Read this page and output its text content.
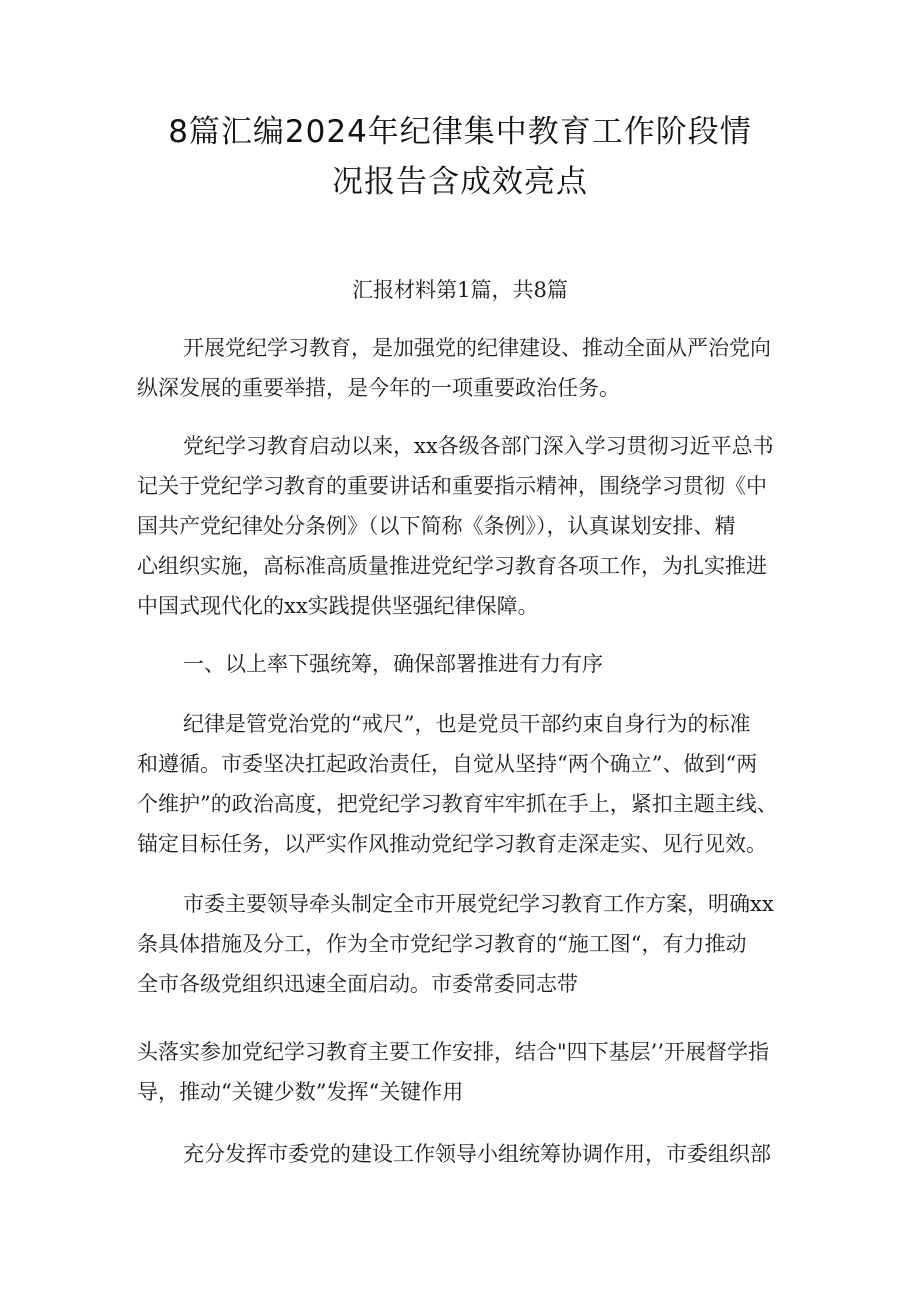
8篇汇编2024年纪律集中教育工作阶段情
况报告含成效亮点
汇报材料第1篇，共8篇
开展党纪学习教育，是加强党的纪律建设、推动全面从严治党向
纵深发展的重要举措，是今年的一项重要政治任务。
党纪学习教育启动以来，xx各级各部门深入学习贯彻习近平总书
记关于党纪学习教育的重要讲话和重要指示精神，围绕学习贯彻《中
国共产党纪律处分条例》（以下简称《条例》），认真谋划安排、精
心组织实施，高标准高质量推进党纪学习教育各项工作，为扎实推进
中国式现代化的xx实践提供坚强纪律保障。
一、以上率下强统筹，确保部署推进有力有序
纪律是管党治党的“戒尺”，也是党员干部约束自身行为的标准
和遵循。市委坚决扛起政治责任，自觉从坚持“两个确立”、做到“两
个维护”的政治高度，把党纪学习教育牢牢抓在手上，紧扣主题主线、
锚定目标任务，以严实作风推动党纪学习教育走深走实、见行见效。
市委主要领导牵头制定全市开展党纪学习教育工作方案，明确xx
条具体措施及分工，作为全市党纪学习教育的“施工图“，有力推动
全市各级党组织迅速全面启动。市委常委同志带
头落实参加党纪学习教育主要工作安排，结合"四下基层’’开展督学指
导，推动“关键少数”发挥“关键作用
充分发挥市委党的建设工作领导小组统筹协调作用，市委组织部
